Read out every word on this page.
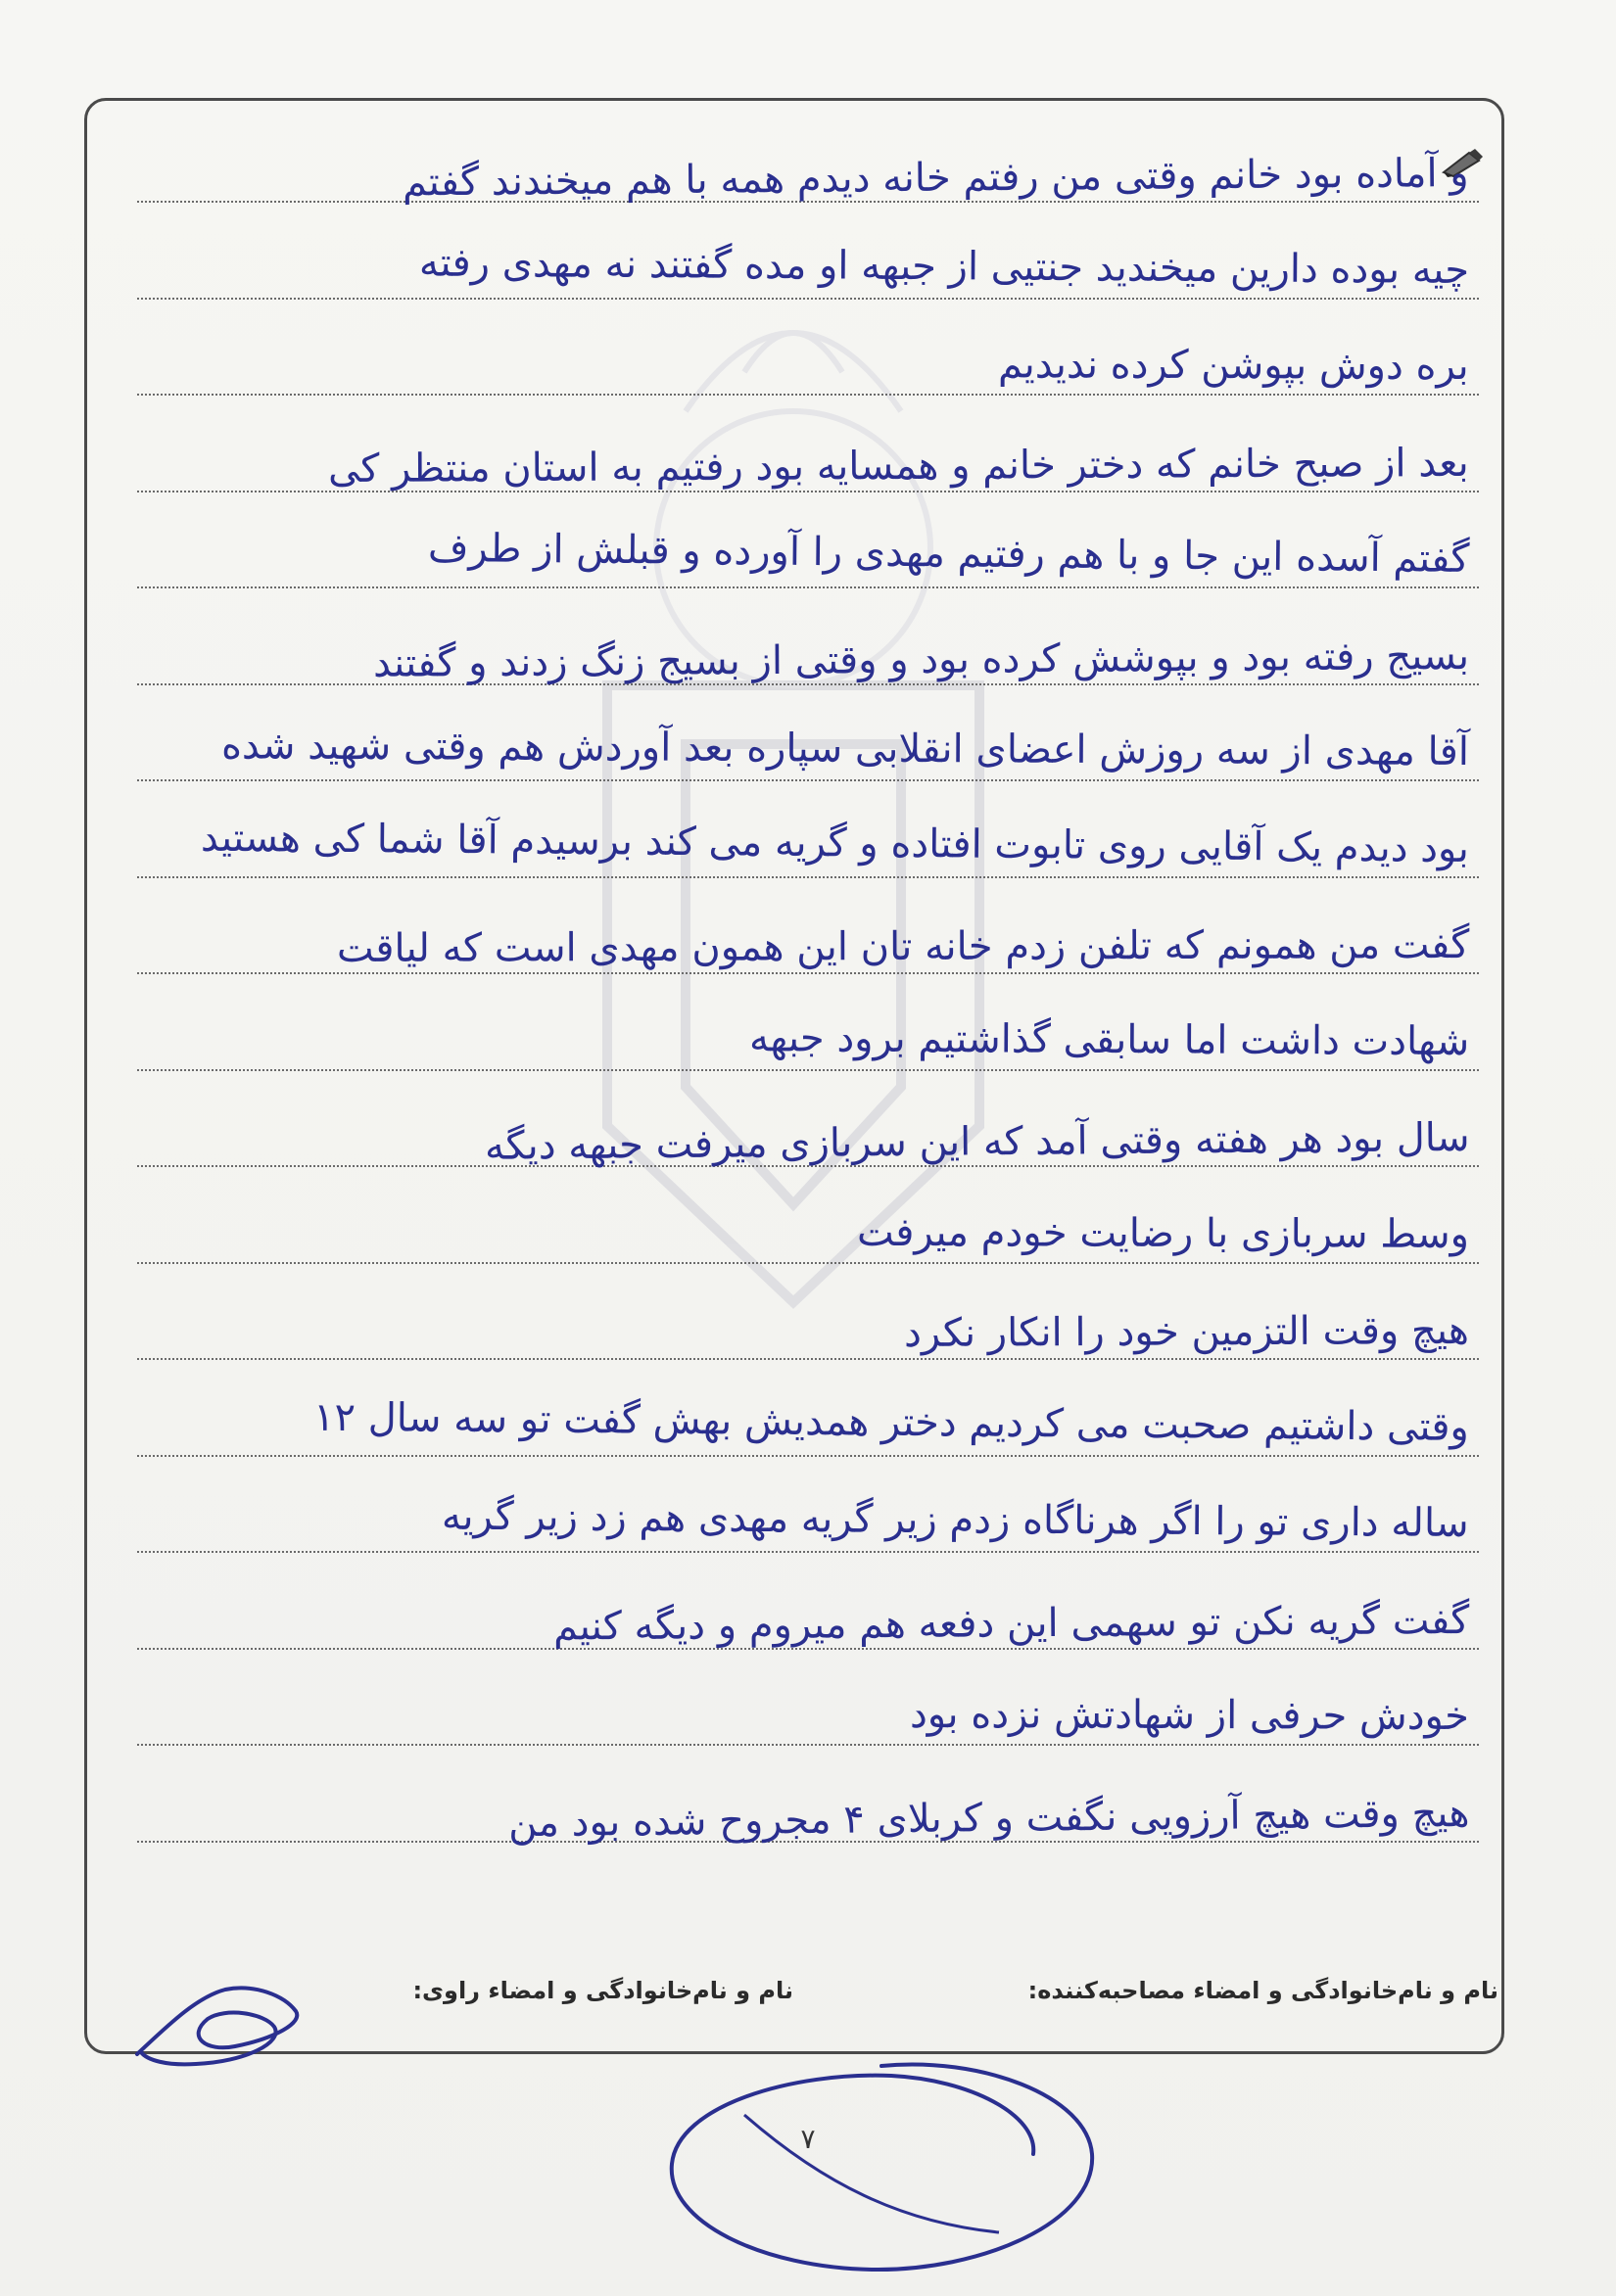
و آماده بود خانم وقتی من رفتم خانه دیدم همه با هم میخندند گفتم
چیه بوده دارین میخندید جنتیی از جبهه او مده گفتند نه مهدی رفته
بره دوش بپوشن کرده ندیدیم
بعد از صبح خانم که دختر خانم و همسایه بود رفتیم به استان منتظر کی
گفتم آسده این جا و با هم رفتیم مهدی را آورده و قبلش از طرف
بسیج رفته بود و بپوشش کرده بود و وقتی از بسیج زنگ زدند و گفتند
آقا مهدی از سه روزش اعضای انقلابی سپاره بعد آوردش هم وقتی شهید شده
بود دیدم یک آقایی روی تابوت افتاده و گریه می کند برسیدم آقا شما کی هستید
گفت من همونم که تلفن زدم خانه تان این همون مهدی است که لیاقت
شهادت داشت اما سابقی گذاشتیم برود جبهه
سال بود هر هفته وقتی آمد که این سربازی میرفت جبهه دیگه
وسط سربازی با رضایت خودم میرفت
هیچ وقت التزمین خود را انکار نکرد
وقتی داشتیم صحبت می کردیم دختر همدیش بهش گفت تو سه سال ۱۲
ساله داری تو را اگر هرناگاه زدم زیر گریه مهدی هم زد زیر گریه
گفت گریه نکن تو سهمی این دفعه هم میروم و دیگه کنیم
خودش حرفی از شهادتش نزده بود
هیچ وقت هیچ آرزویی نگفت و کربلای ۴ مجروح شده بود من
نام و نام‌خانوادگی و امضاء مصاحبه‌کننده:
نام و نام‌خانوادگی و امضاء راوی:
۷
